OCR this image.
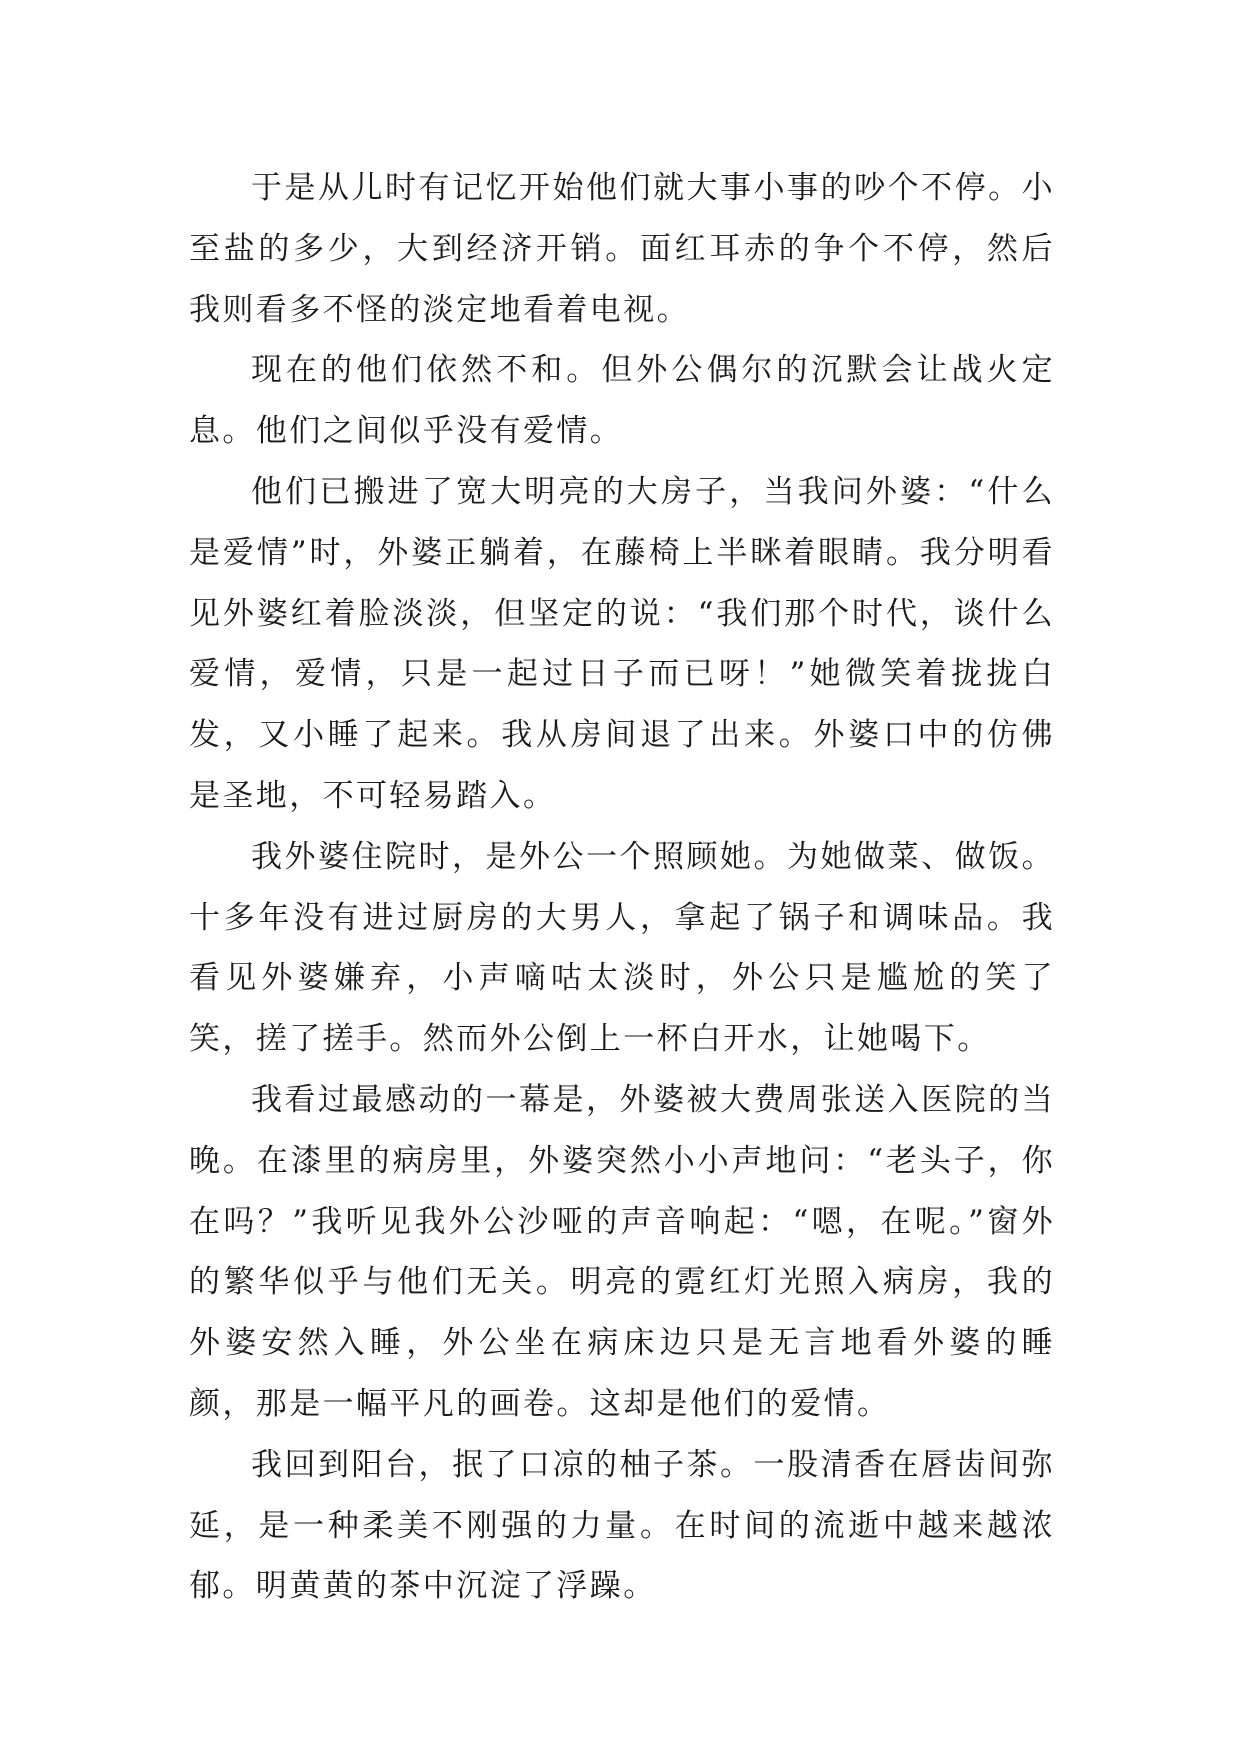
于是从儿时有记忆开始他们就大事小事的吵个不停。小至盐的多少，大到经济开销。面红耳赤的争个不停，然后我则看多不怪的淡定地看着电视。

现在的他们依然不和。但外公偶尔的沉默会让战火定息。他们之间似乎没有爱情。

他们已搬进了宽大明亮的大房子，当我问外婆：“什么是爱情”时，外婆正躺着，在藤椅上半眯着眼睛。我分明看见外婆红着脸淡淡，但坚定的说：“我们那个时代，谈什么爱情，爱情，只是一起过日子而已呀！”她微笑着拢拢白发，又小睡了起来。我从房间退了出来。外婆口中的仿佛是圣地，不可轻易踏入。

我外婆住院时，是外公一个照顾她。为她做菜、做饭。十多年没有进过厨房的大男人，拿起了锅子和调味品。我看见外婆嫌弃，小声嘀咕太淡时，外公只是尴尬的笑了笑，搓了搓手。然而外公倒上一杯白开水，让她喝下。

我看过最感动的一幕是，外婆被大费周张送入医院的当晚。在漆里的病房里，外婆突然小小声地问：“老头子，你在吗？”我听见我外公沙哑的声音响起：“嗯，在呢。”窗外的繁华似乎与他们无关。明亮的霓红灯光照入病房，我的外婆安然入睡，外公坐在病床边只是无言地看外婆的睡颜，那是一幅平凡的画卷。这却是他们的爱情。

我回到阳台，抿了口凉的柚子茶。一股清香在唇齿间弥延，是一种柔美不刚强的力量。在时间的流逝中越来越浓郁。明黄黄的茶中沉淀了浮躁。
